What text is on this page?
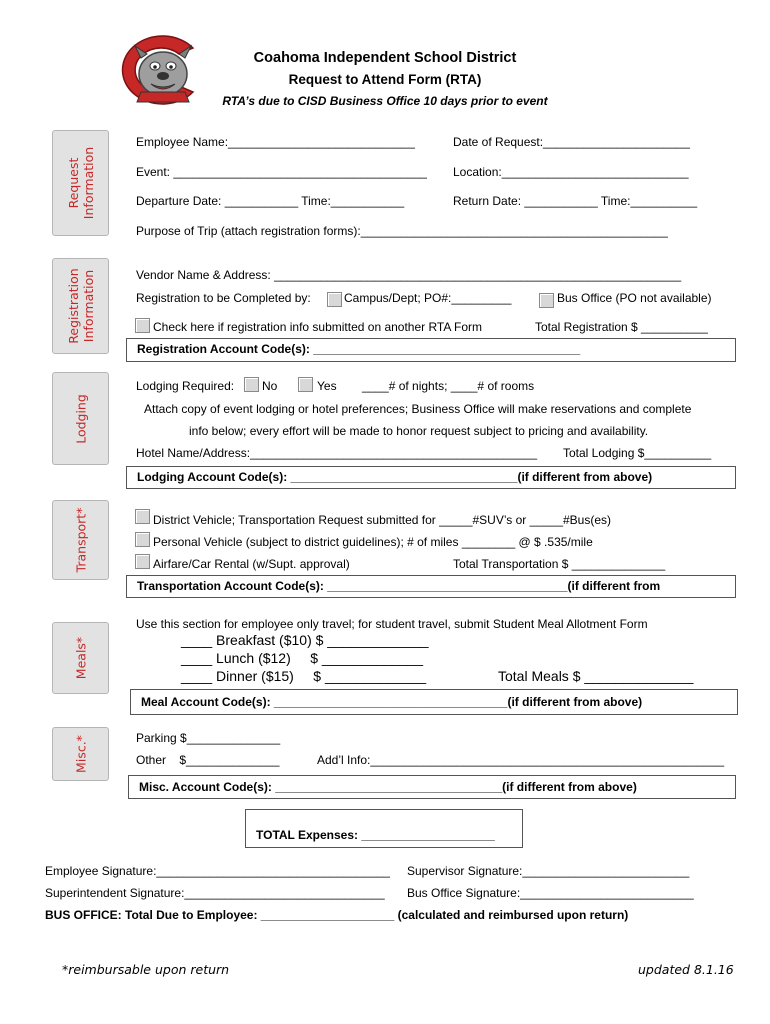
Coahoma Independent School District
Request to Attend Form (RTA)
RTA’s due to CISD Business Office 10 days prior to event
Request Information
Registration Information
Lodging
Transport*
Meals*
Misc.*
Employee Name:____________________________	Date of Request:______________________
Event: ______________________________________ Location:____________________________
Departure Date: ___________ Time:___________	Return Date: ___________ Time:__________
Purpose of Trip (attach registration forms):______________________________________________
Vendor Name & Address: _____________________________________________________________
Registration to be Completed by:	Campus/Dept; PO#:_________	Bus Office (PO not available)
Check here if registration info submitted on another RTA Form	Total Registration $ __________
Registration Account Code(s): ________________________________________
Lodging Required: No	Yes ____# of nights; ____# of rooms
Attach copy of event lodging or hotel preferences; Business Office will make reservations and complete
info below; every effort will be made to honor request subject to pricing and availability.
Hotel Name/Address:___________________________________________ Total Lodging $__________
Lodging Account Code(s): __________________________________(if different from above)
District Vehicle; Transportation Request submitted for _____#SUV’s or _____#Bus(es)
Personal Vehicle (subject to district guidelines); # of miles ________ @ $ .535/mile
Airfare/Car Rental (w/Supt. approval)	Total Transportation $ ______________
Transportation Account Code(s): ____________________________________(if different from
Use this section for employee only travel; for student travel, submit Student Meal Allotment Form
____ Breakfast ($10) $ _____________
____ Lunch ($12)     $ _____________
____ Dinner ($15)     $ _____________	Total Meals $ ______________
Meal Account Code(s): ___________________________________(if different from above)
Parking $______________
Other    $______________	Add’l Info:_____________________________________________________
Misc. Account Code(s): __________________________________(if different from above)
TOTAL Expenses: ____________________
Employee Signature:___________________________________ Supervisor Signature:_________________________
Superintendent Signature:______________________________ Bus Office Signature:__________________________
BUS OFFICE: Total Due to Employee: ____________________ (calculated and reimbursed upon return)
*reimbursable upon return	updated 8.1.16
